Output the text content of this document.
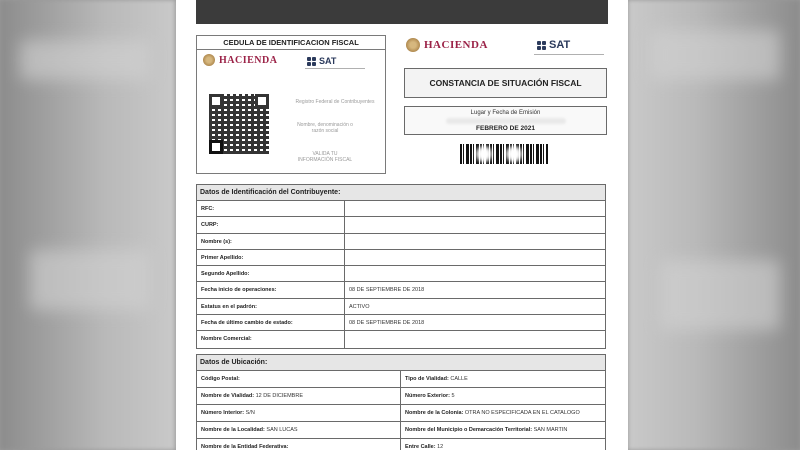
CEDULA DE IDENTIFICACION FISCAL
HACIENDA	SAT
Registro Federal de Contribuyentes
Nombre, denominación o razón social
VALIDA TU INFORMACIÓN FISCAL
HACIENDA	SAT
CONSTANCIA DE SITUACIÓN FISCAL
Lugar y Fecha de Emisión
FEBRERO DE 2021
Datos de Identificación del Contribuyente:
RFC:
CURP:
Nombre (s):
Primer Apellido:
Segundo Apellido:
Fecha inicio de operaciones:	08 DE SEPTIEMBRE DE 2018
Estatus en el padrón:	ACTIVO
Fecha de último cambio de estado:	08 DE SEPTIEMBRE DE 2018
Nombre Comercial:
Datos de Ubicación:
Código Postal:	Tipo de Vialidad: CALLE
Nombre de Vialidad: 12 DE DICIEMBRE	Número Exterior: 5
Número Interior: S/N	Nombre de la Colonia: OTRA NO ESPECIFICADA EN EL CATALOGO
Nombre de la Localidad: SAN LUCAS	Nombre del Municipio o Demarcación Territorial: SAN MARTIN
Nombre de la Entidad Federativa:	Entre Calle: 12
